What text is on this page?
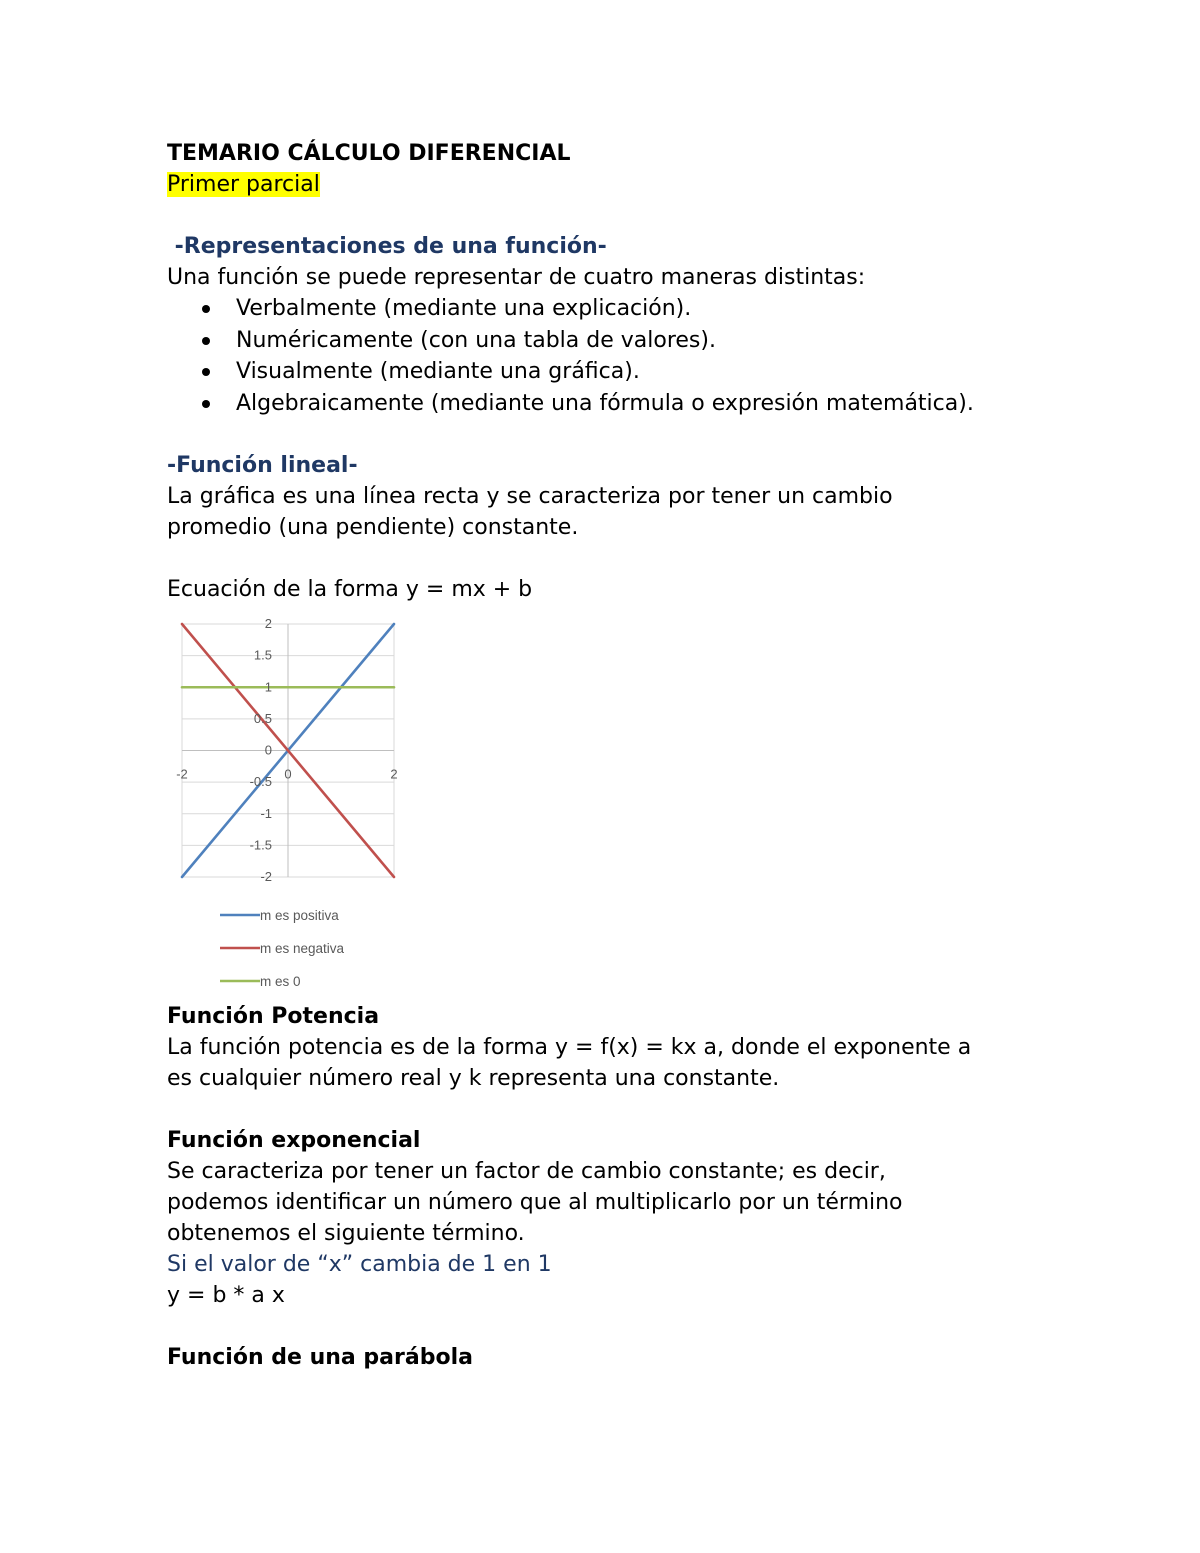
TEMARIO CÁLCULO DIFERENCIAL
Primer parcial
-Representaciones de una función-
Una función se puede representar de cuatro maneras distintas:
Verbalmente (mediante una explicación).
Numéricamente (con una tabla de valores).
Visualmente (mediante una gráfica).
Algebraicamente (mediante una fórmula o expresión matemática).
-Función lineal-
La gráfica es una línea recta y se caracteriza por tener un cambio
promedio (una pendiente) constante.
Ecuación de la forma y = mx + b
2
1.5
1
0.5
0
-0.5
-1
-1.5
-2
-2	0	2
m es positiva
m es negativa
m es 0
Función Potencia
La función potencia es de la forma y = f(x) = kx a, donde el exponente a
es cualquier número real y k representa una constante.
Función exponencial
Se caracteriza por tener un factor de cambio constante; es decir,
podemos identificar un número que al multiplicarlo por un término
obtenemos el siguiente término.
Si el valor de “x” cambia de 1 en 1
y = b * a x
Función de una parábola
